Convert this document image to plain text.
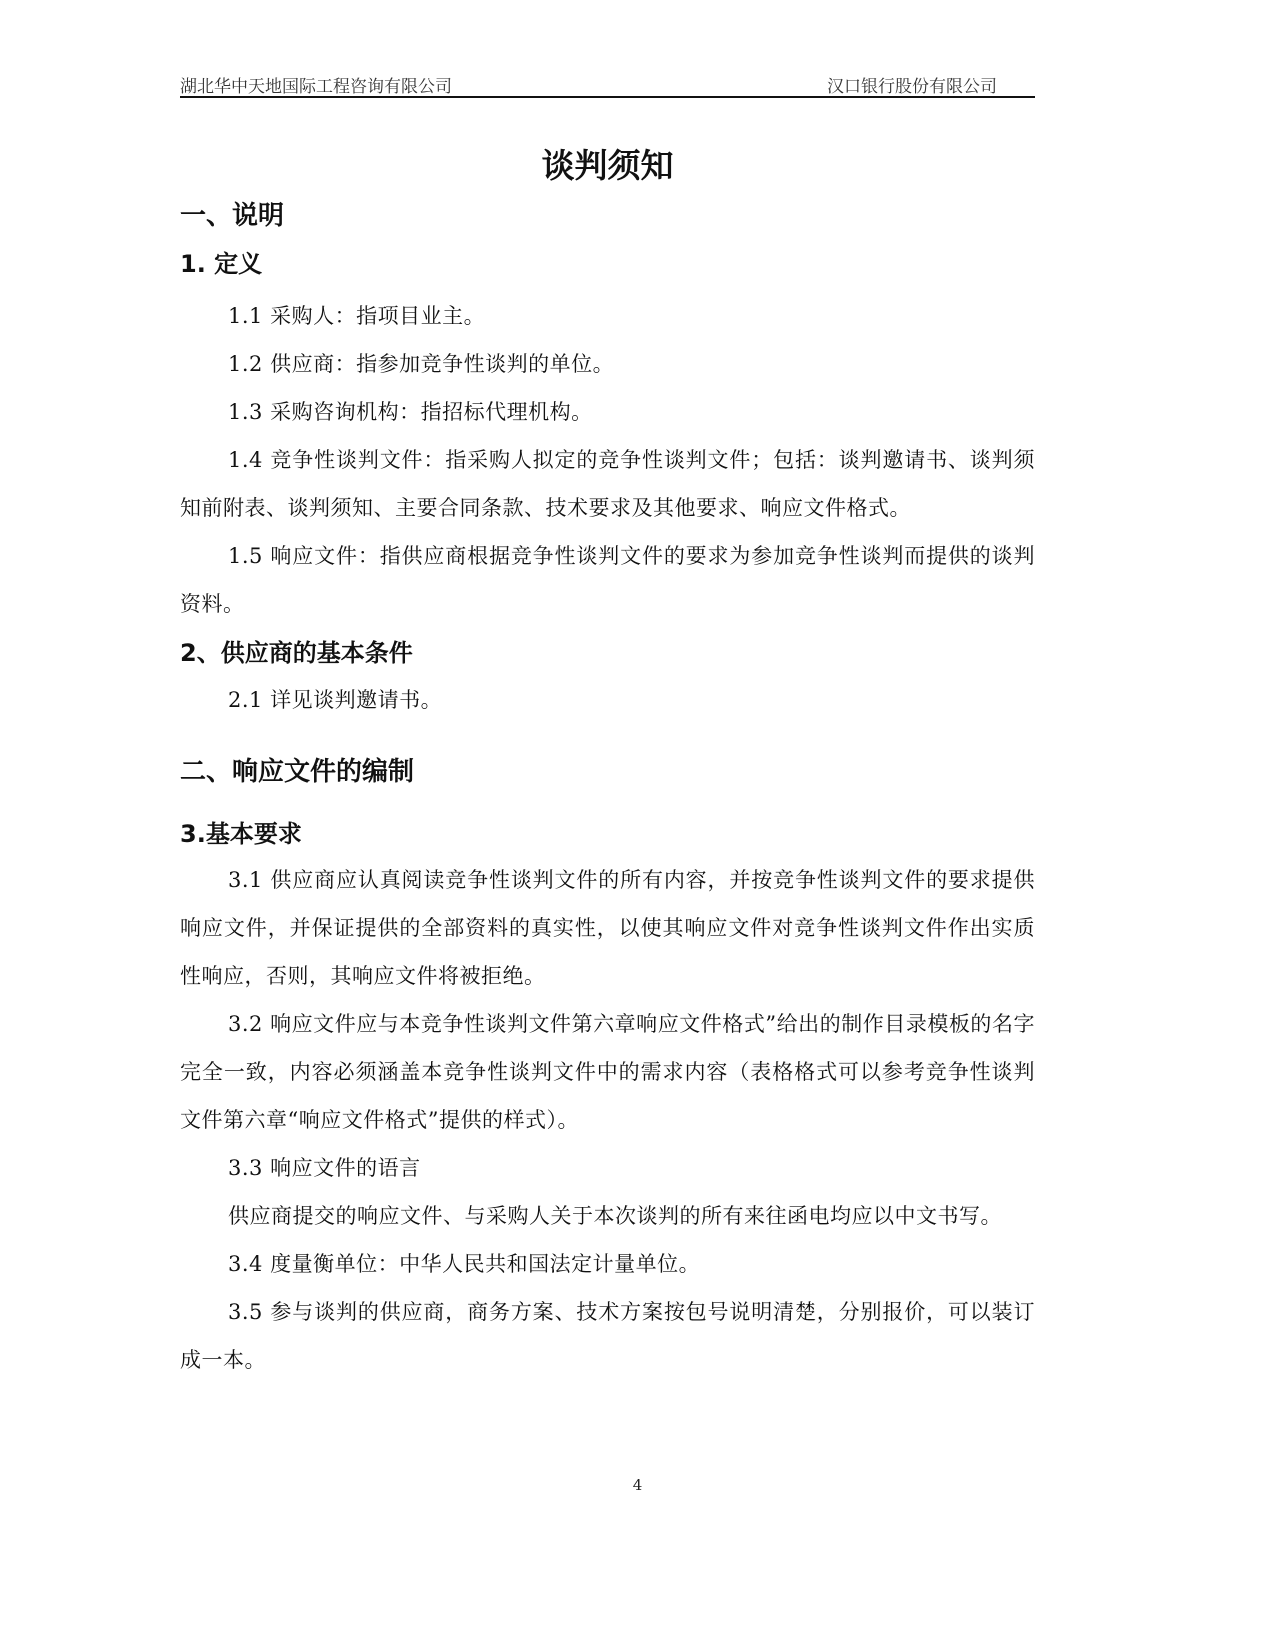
湖北华中天地国际工程咨询有限公司	汉口银行股份有限公司
谈判须知
一、说明
1. 定义

1.1 采购人：指项目业主。

1.2 供应商：指参加竞争性谈判的单位。

1.3 采购咨询机构：指招标代理机构。

1.4 竞争性谈判文件：指采购人拟定的竞争性谈判文件；包括：谈判邀请书、谈判须知前附表、谈判须知、主要合同条款、技术要求及其他要求、响应文件格式。

1.5 响应文件：指供应商根据竞争性谈判文件的要求为参加竞争性谈判而提供的谈判资料。

2、供应商的基本条件

2.1 详见谈判邀请书。

二、响应文件的编制
3.基本要求

3.1 供应商应认真阅读竞争性谈判文件的所有内容，并按竞争性谈判文件的要求提供响应文件，并保证提供的全部资料的真实性，以使其响应文件对竞争性谈判文件作出实质性响应，否则，其响应文件将被拒绝。

3.2 响应文件应与本竞争性谈判文件第六章响应文件格式”给出的制作目录模板的名字完全一致，内容必须涵盖本竞争性谈判文件中的需求内容（表格格式可以参考竞争性谈判文件第六章“响应文件格式”提供的样式）。

3.3 响应文件的语言

供应商提交的响应文件、与采购人关于本次谈判的所有来往函电均应以中文书写。

3.4 度量衡单位：中华人民共和国法定计量单位。

3.5 参与谈判的供应商，商务方案、技术方案按包号说明清楚，分别报价，可以装订成一本。

4
